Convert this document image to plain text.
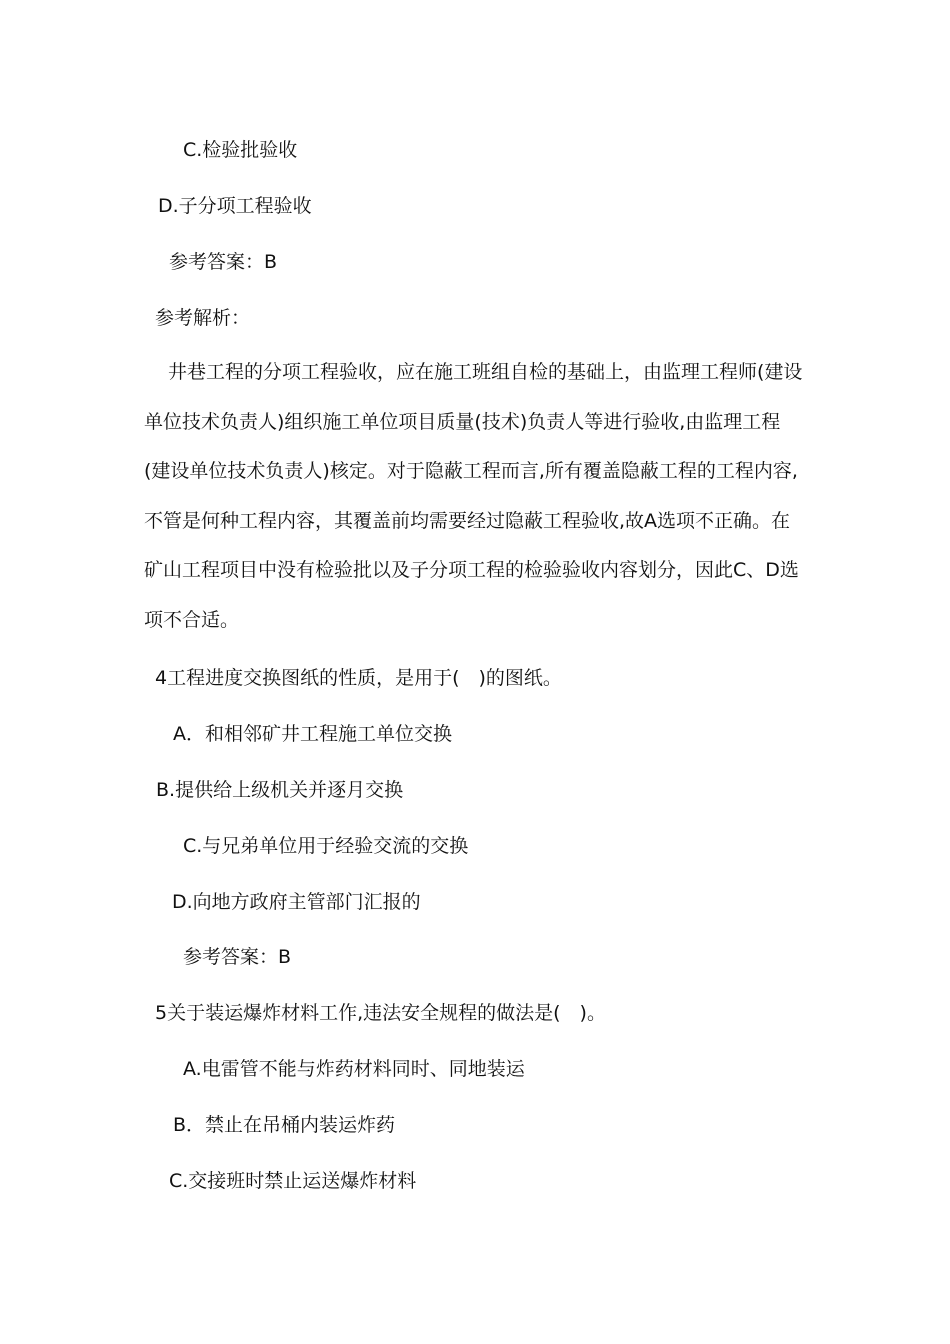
C.检验批验收
D.子分项工程验收
参考答案：B
参考解析：
井巷工程的分项工程验收，应在施工班组自检的基础上，由监理工程师(建设单位技术负责人)组织施工单位项目质量(技术)负责人等进行验收,由监理工程(建设单位技术负责人)核定。对于隐蔽工程而言,所有覆盖隐蔽工程的工程内容,不管是何种工程内容，其覆盖前均需要经过隐蔽工程验收,故A选项不正确。在矿山工程项目中没有检验批以及子分项工程的检验验收内容划分，因此C、D选项不合适。
4工程进度交换图纸的性质，是用于(　)的图纸。
A．和相邻矿井工程施工单位交换
B.提供给上级机关并逐月交换
C.与兄弟单位用于经验交流的交换
D.向地方政府主管部门汇报的
参考答案：B
5关于装运爆炸材料工作,违法安全规程的做法是(　)。
A.电雷管不能与炸药材料同时、同地装运
B．禁止在吊桶内装运炸药
C.交接班时禁止运送爆炸材料
